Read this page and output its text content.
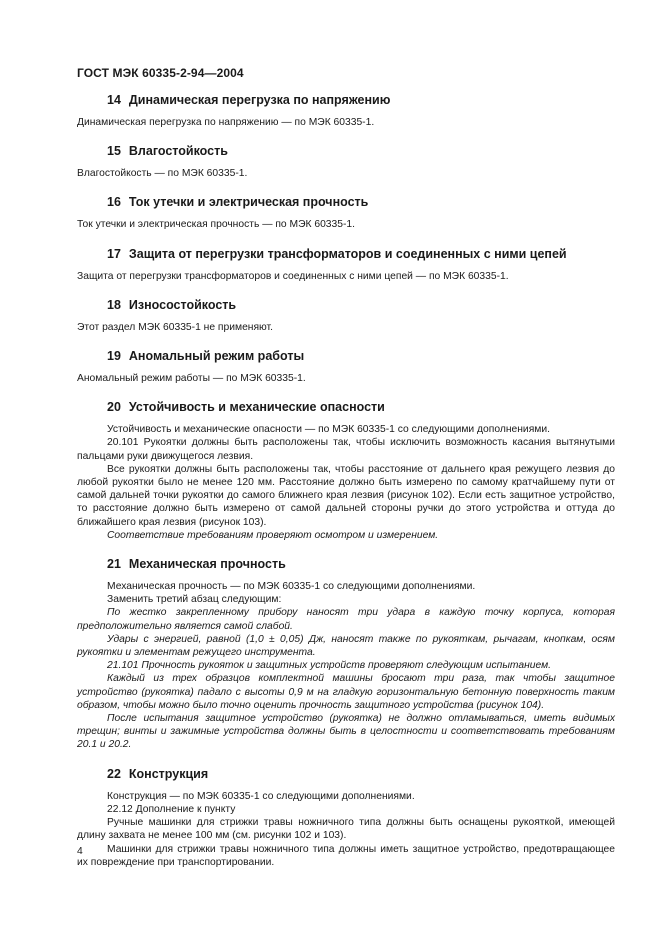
ГОСТ МЭК 60335-2-94—2004
14 Динамическая перегрузка по напряжению

Динамическая перегрузка по напряжению — по МЭК 60335-1.

15 Влагостойкость

Влагостойкость — по МЭК 60335-1.

16 Ток утечки и электрическая прочность

Ток утечки и электрическая прочность — по МЭК 60335-1.

17 Защита от перегрузки трансформаторов и соединенных с ними цепей

Защита от перегрузки трансформаторов и соединенных с ними цепей — по МЭК 60335-1.

18 Износостойкость

Этот раздел МЭК 60335-1 не применяют.

19 Аномальный режим работы

Аномальный режим работы — по МЭК 60335-1.

20 Устойчивость и механические опасности

Устойчивость и механические опасности — по МЭК 60335-1 со следующими дополнениями.

20.101 Рукоятки должны быть расположены так, чтобы исключить возможность касания вытянутыми пальцами руки движущегося лезвия.

Все рукоятки должны быть расположены так, чтобы расстояние от дальнего края режущего лезвия до любой рукоятки было не менее 120 мм. Расстояние должно быть измерено по самому кратчайшему пути от самой дальней точки рукоятки до самого ближнего края лезвия (рисунок 102). Если есть защитное устройство, то расстояние должно быть измерено от самой дальней стороны ручки до этого устройства и оттуда до ближайшего края лезвия (рисунок 103).

Соответствие требованиям проверяют осмотром и измерением.

21 Механическая прочность

Механическая прочность — по МЭК 60335-1 со следующими дополнениями.

Заменить третий абзац следующим:

По жестко закрепленному прибору наносят три удара в каждую точку корпуса, которая предположительно является самой слабой.

Удары с энергией, равной (1,0 ± 0,05) Дж, наносят также по рукояткам, рычагам, кнопкам, осям рукоятки и элементам режущего инструмента.

21.101 Прочность рукояток и защитных устройств проверяют следующим испытанием.

Каждый из трех образцов комплектной машины бросают три раза, так чтобы защитное устройство (рукоятка) падало с высоты 0,9 м на гладкую горизонтальную бетонную поверхность таким образом, чтобы можно было точно оценить прочность защитного устройства (рисунок 104).

После испытания защитное устройство (рукоятка) не должно отламываться, иметь видимых трещин; винты и зажимные устройства должны быть в целостности и соответствовать требованиям 20.1 и 20.2.

22 Конструкция

Конструкция — по МЭК 60335-1 со следующими дополнениями.

22.12 Дополнение к пункту

Ручные машинки для стрижки травы ножничного типа должны быть оснащены рукояткой, имеющей длину захвата не менее 100 мм (см. рисунки 102 и 103).

Машинки для стрижки травы ножничного типа должны иметь защитное устройство, предотвращающее их повреждение при транспортировании.

4
